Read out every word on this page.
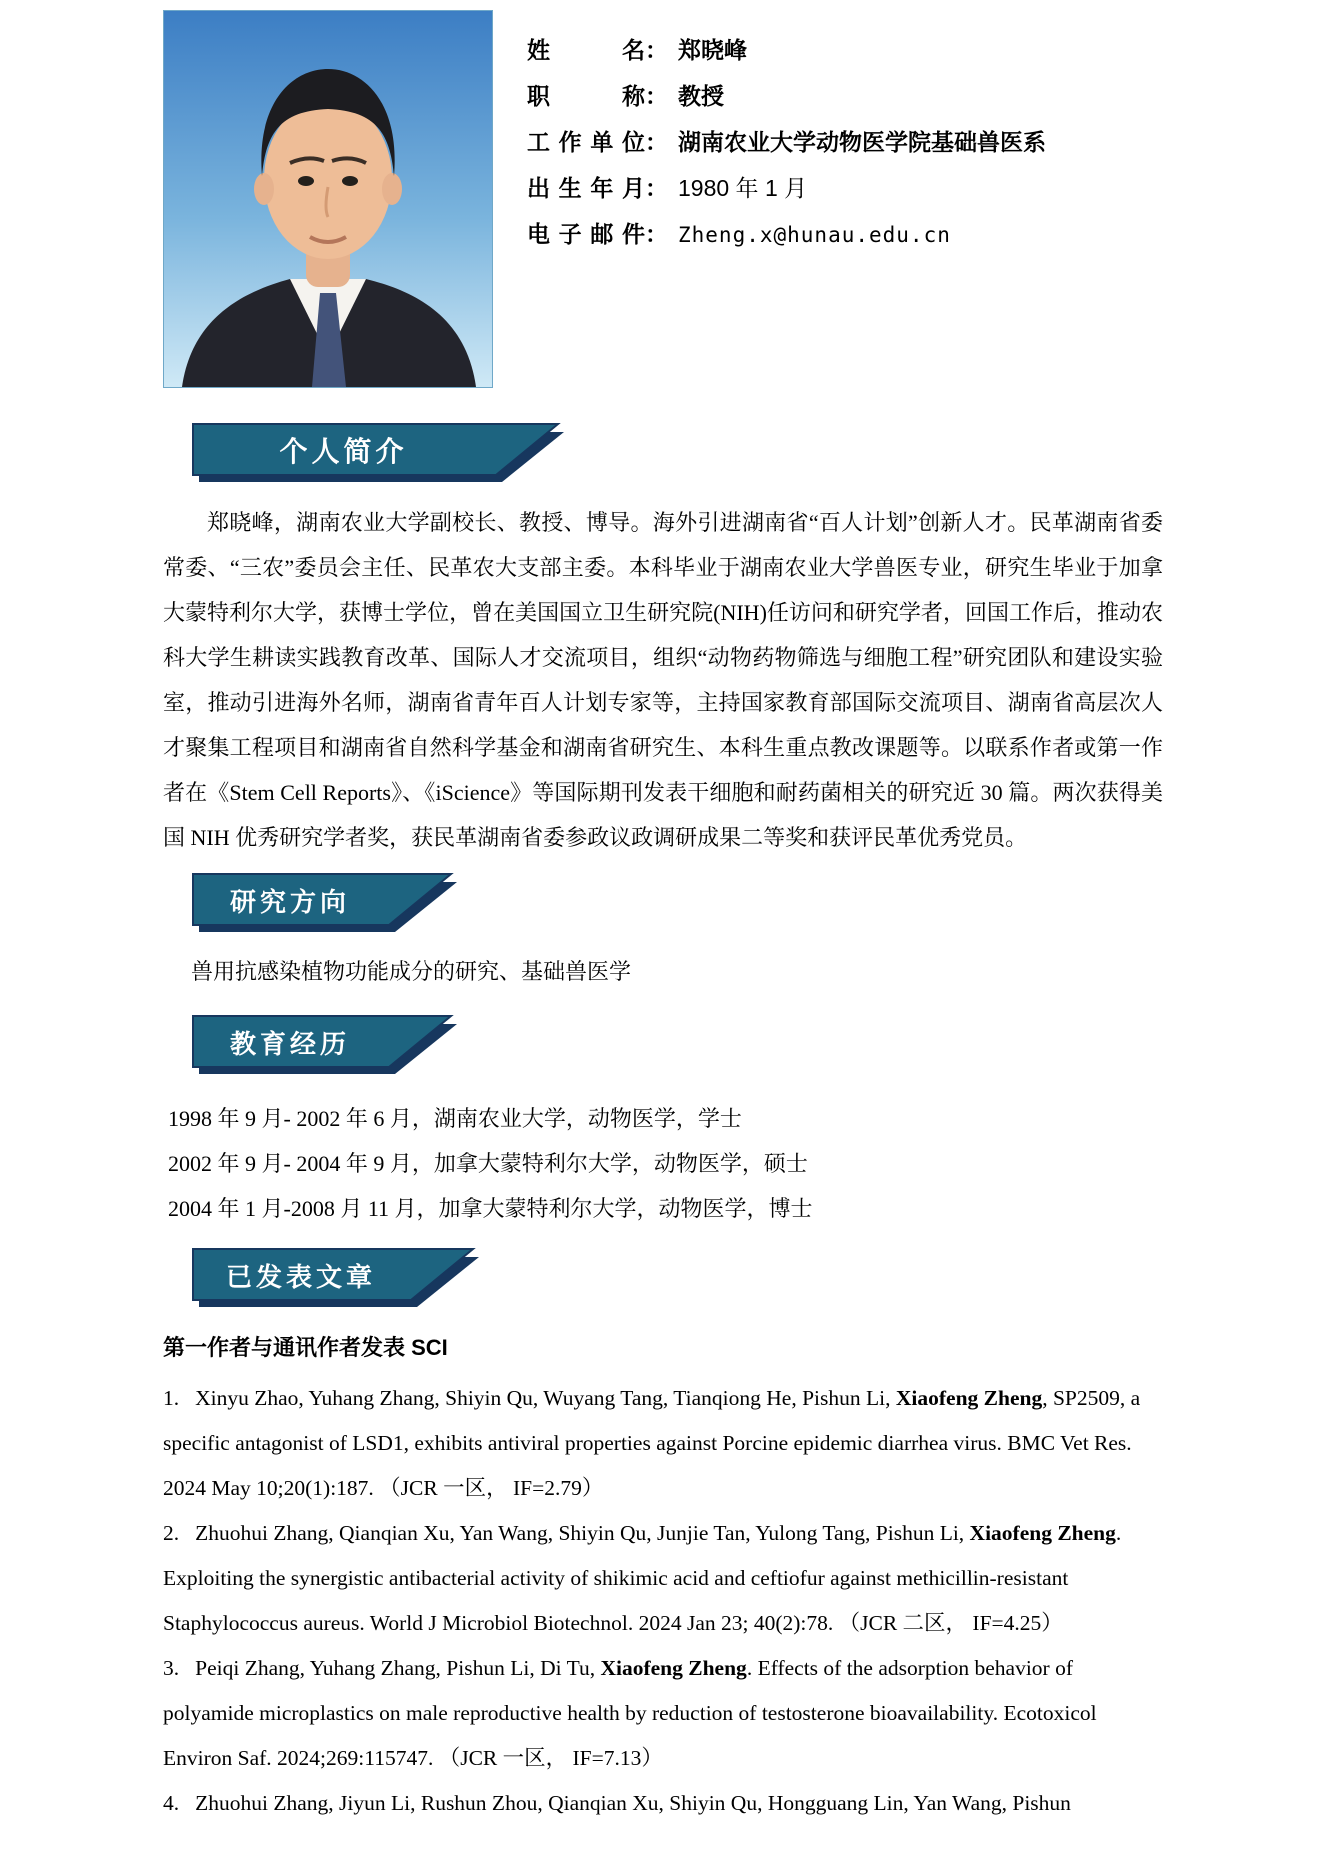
姓名： 郑晓峰
职称： 教授
工作单位： 湖南农业大学动物医学院基础兽医系
出生年月： 1980 年 1 月
电子邮件： Zheng.x@hunau.edu.cn
个人简介
郑晓峰，湖南农业大学副校长、教授、博导。海外引进湖南省“百人计划”创新人才。民革湖南省委常委、“三农”委员会主任、民革农大支部主委。本科毕业于湖南农业大学兽医专业，研究生毕业于加拿大蒙特利尔大学，获博士学位，曾在美国国立卫生研究院(NIH)任访问和研究学者，回国工作后，推动农科大学生耕读实践教育改革、国际人才交流项目，组织“动物药物筛选与细胞工程”研究团队和建设实验室，推动引进海外名师，湖南省青年百人计划专家等，主持国家教育部国际交流项目、湖南省高层次人才聚集工程项目和湖南省自然科学基金和湖南省研究生、本科生重点教改课题等。以联系作者或第一作者在《Stem Cell Reports》、《iScience》等国际期刊发表干细胞和耐药菌相关的研究近 30 篇。两次获得美国 NIH 优秀研究学者奖，获民革湖南省委参政议政调研成果二等奖和获评民革优秀党员。
研究方向
兽用抗感染植物功能成分的研究、基础兽医学
教育经历
1998 年 9 月- 2002 年 6 月，湖南农业大学，动物医学，学士
2002 年 9 月- 2004 年 9 月，加拿大蒙特利尔大学，动物医学，硕士
2004 年 1 月-2008 月 11 月，加拿大蒙特利尔大学，动物医学，博士
已发表文章
第一作者与通讯作者发表 SCI
1. Xinyu Zhao, Yuhang Zhang, Shiyin Qu, Wuyang Tang, Tianqiong He, Pishun Li, Xiaofeng Zheng, SP2509, a specific antagonist of LSD1, exhibits antiviral properties against Porcine epidemic diarrhea virus. BMC Vet Res. 2024 May 10;20(1):187. （JCR 一区， IF=2.79）
2. Zhuohui Zhang, Qianqian Xu, Yan Wang, Shiyin Qu, Junjie Tan, Yulong Tang, Pishun Li, Xiaofeng Zheng. Exploiting the synergistic antibacterial activity of shikimic acid and ceftiofur against methicillin-resistant Staphylococcus aureus. World J Microbiol Biotechnol. 2024 Jan 23; 40(2):78. （JCR 二区， IF=4.25）
3. Peiqi Zhang, Yuhang Zhang, Pishun Li, Di Tu, Xiaofeng Zheng. Effects of the adsorption behavior of polyamide microplastics on male reproductive health by reduction of testosterone bioavailability. Ecotoxicol Environ Saf. 2024;269:115747. （JCR 一区， IF=7.13）
4. Zhuohui Zhang, Jiyun Li, Rushun Zhou, Qianqian Xu, Shiyin Qu, Hongguang Lin, Yan Wang, Pishun
